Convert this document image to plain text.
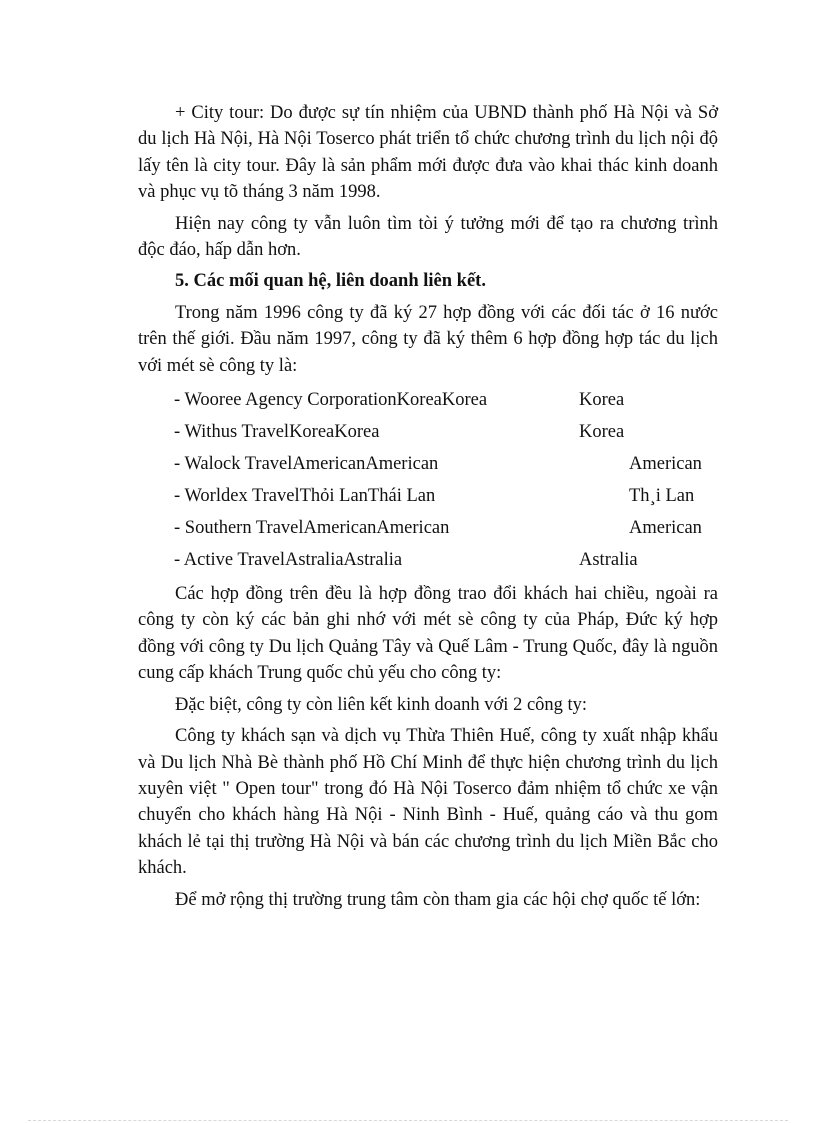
+ City tour: Do được sự tín nhiệm của UBND thành phố Hà Nội và Sở du lịch Hà Nội, Hà Nội Toserco phát triển tổ chức chương trình du lịch nội độ lấy tên là city tour. Đây là sản phẩm mới được đưa vào khai thác kinh doanh và phục vụ tõ tháng 3 năm 1998.

Hiện nay công ty vẫn luôn tìm tòi ý tưởng mới để tạo ra chương trình độc đáo, hấp dẫn hơn.

5. Các mối quan hệ, liên doanh liên kết.

Trong năm 1996 công ty đã ký 27 hợp đồng với các đối tác ở 16 nước trên thế giới. Đầu năm 1997, công ty đã ký thêm 6 hợp đồng hợp tác du lịch với mét sè công ty là:

- Wooree Agency CorporationKoreaKorea	Korea
- Withus TravelKoreaKorea	Korea
- Walock TravelAmericanAmerican	American
- Worldex TravelThỏi LanThái Lan	Th¸i Lan
- Southern TravelAmericanAmerican	American
- Active TravelAstraliaAstralia	Astralia

Các hợp đồng trên đều là hợp đồng trao đổi khách hai chiều, ngoài ra công ty còn ký các bản ghi nhớ với mét sè công ty của Pháp, Đức ký hợp đồng với công ty Du lịch Quảng Tây và Quế Lâm - Trung Quốc, đây là nguồn cung cấp khách Trung quốc chủ yếu cho công ty:

Đặc biệt, công ty còn liên kết kinh doanh với 2 công ty:

Công ty khách sạn và dịch vụ Thừa Thiên Huế, công ty xuất nhập khẩu và Du lịch Nhà Bè thành phố Hồ Chí Minh để thực hiện chương trình du lịch xuyên việt " Open tour" trong đó Hà Nội Toserco đảm nhiệm tổ chức xe vận chuyển cho khách hàng Hà Nội - Ninh Bình - Huế, quảng cáo và thu gom khách lẻ tại thị trường Hà Nội và bán các chương trình du lịch Miền Bắc cho khách.

Để mở rộng thị trường trung tâm còn tham gia các hội chợ quốc tế lớn:
